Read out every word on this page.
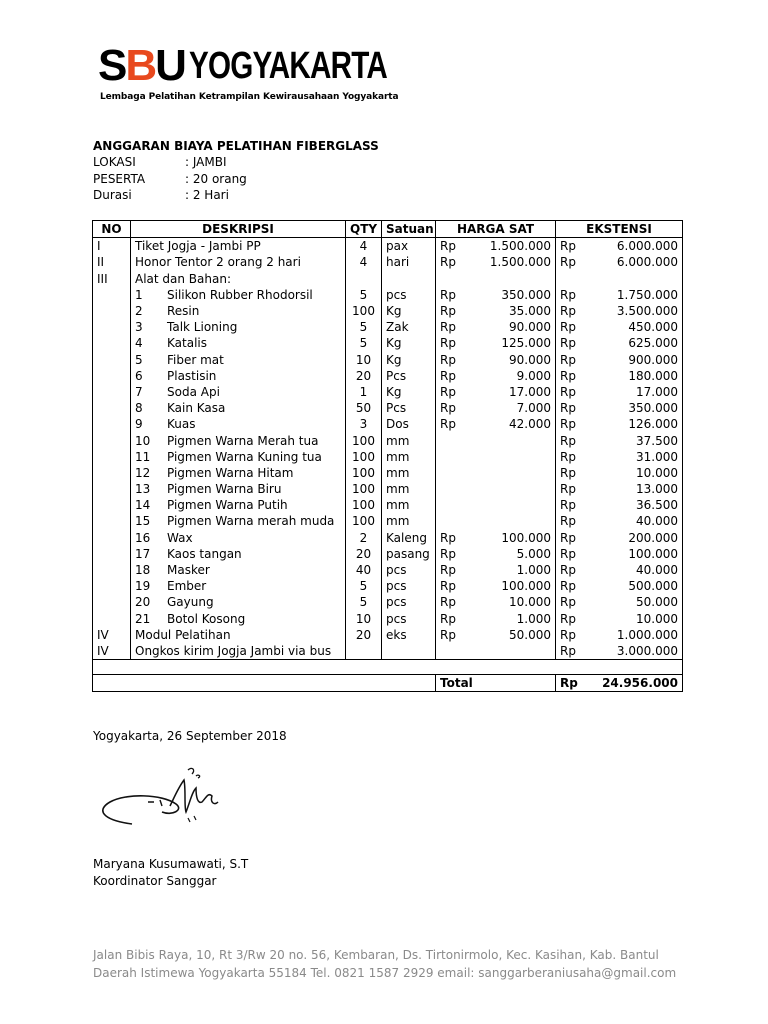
SBU YOGYAKARTA
Lembaga Pelatihan Ketrampilan Kewirausahaan Yogyakarta
ANGGARAN BIAYA PELATIHAN FIBERGLASS
LOKASI	: JAMBI
PESERTA	: 20 orang
Durasi	: 2 Hari
NO	DESKRIPSI	QTY	Satuan	HARGA SAT	EKSTENSI
I	Tiket Jogja - Jambi PP	4	pax	Rp 1.500.000	Rp 6.000.000

II	Honor Tentor 2 orang 2 hari	4	hari	Rp 1.500.000	Rp 6.000.000

III	Alat dan Bahan:			

	1 Silikon Rubber Rhodorsil	5	pcs	Rp 350.000	Rp 1.750.000

	2 Resin	100	Kg	Rp 35.000	Rp 3.500.000

	3 Talk Lioning	5	Zak	Rp 90.000	Rp 450.000

	4 Katalis	5	Kg	Rp 125.000	Rp 625.000

	5 Fiber mat	10	Kg	Rp 90.000	Rp 900.000

	6 Plastisin	20	Pcs	Rp 9.000	Rp 180.000

	7 Soda Api	1	Kg	Rp 17.000	Rp 17.000

	8 Kain Kasa	50	Pcs	Rp 7.000	Rp 350.000

	9 Kuas	3	Dos	Rp 42.000	Rp 126.000

	10 Pigmen Warna Merah tua	100	mm		Rp 37.500

	11 Pigmen Warna Kuning tua	100	mm		Rp 31.000

	12 Pigmen Warna Hitam	100	mm		Rp 10.000

	13 Pigmen Warna Biru	100	mm		Rp 13.000

	14 Pigmen Warna Putih	100	mm		Rp 36.500

	15 Pigmen Warna merah muda	100	mm		Rp 40.000

	16 Wax	2	Kaleng	Rp 100.000	Rp 200.000

	17 Kaos tangan	20	pasang	Rp 5.000	Rp 100.000

	18 Masker	40	pcs	Rp 1.000	Rp 40.000

	19 Ember	5	pcs	Rp 100.000	Rp 500.000

	20 Gayung	5	pcs	Rp 10.000	Rp 50.000

	21 Botol Kosong	10	pcs	Rp 1.000	Rp 10.000

IV	Modul Pelatihan	20	eks	Rp 50.000	Rp 1.000.000

IV	Ongkos kirim Jogja Jambi via bus				Rp 3.000.000

				Total	Rp 24.956.000
Yogyakarta, 26 September 2018
Maryana Kusumawati, S.T
Koordinator Sanggar
Jalan Bibis Raya, 10, Rt 3/Rw 20 no. 56, Kembaran, Ds. Tirtonirmolo, Kec. Kasihan, Kab. Bantul
Daerah Istimewa Yogyakarta 55184 Tel. 0821 1587 2929 email: sanggarberaniusaha@gmail.com
